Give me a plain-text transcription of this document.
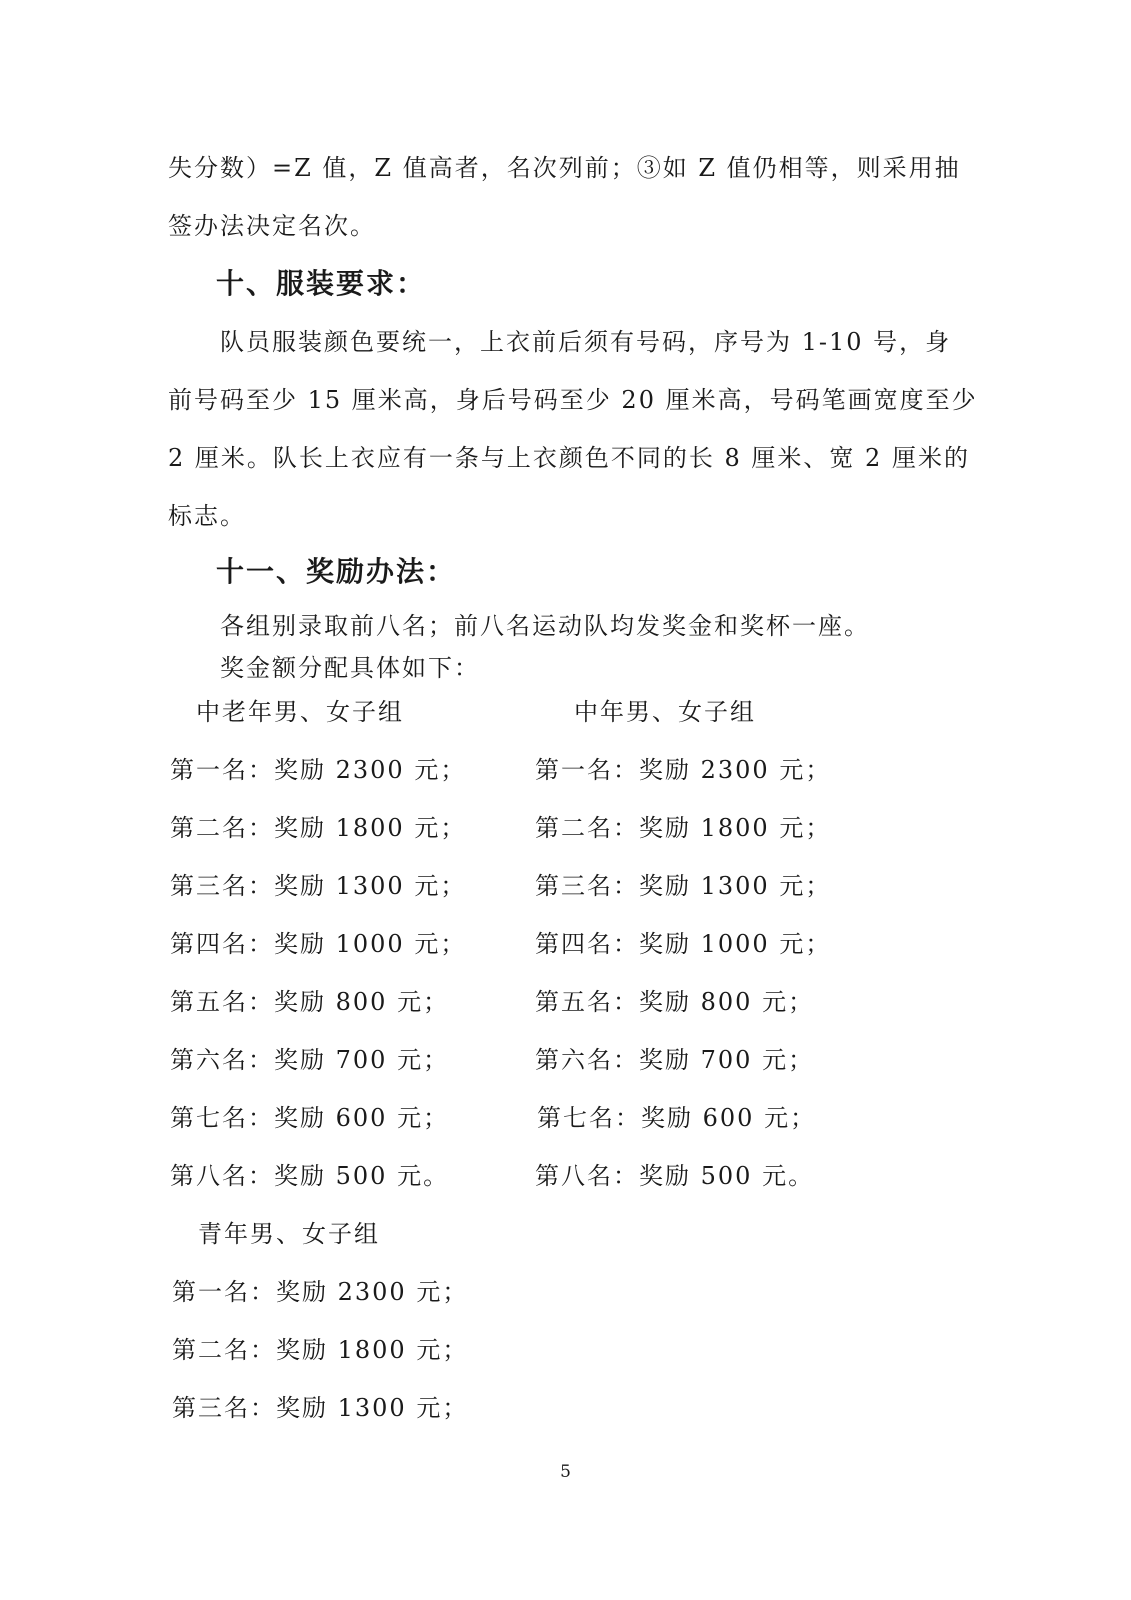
失分数）=Z 值，Z 值高者，名次列前；③如 Z 值仍相等，则采用抽
签办法决定名次。
十、服装要求：
队员服装颜色要统一，上衣前后须有号码，序号为 1-10 号，身
前号码至少 15 厘米高，身后号码至少 20 厘米高，号码笔画宽度至少
2 厘米。队长上衣应有一条与上衣颜色不同的长 8 厘米、宽 2 厘米的
标志。
十一、奖励办法：
各组别录取前八名；前八名运动队均发奖金和奖杯一座。
奖金额分配具体如下：
中老年男、女子组	中年男、女子组
第一名：奖励 2300 元；
第二名：奖励 1800 元；
第三名：奖励 1300 元；
第四名：奖励 1000 元；
第五名：奖励 800 元；
第六名：奖励 700 元；
第七名：奖励 600 元；
第八名：奖励 500 元。
第一名：奖励 2300 元；
第二名：奖励 1800 元；
第三名：奖励 1300 元；
第四名：奖励 1000 元；
第五名：奖励 800 元；
第六名：奖励 700 元；
第七名：奖励 600 元；
第八名：奖励 500 元。
青年男、女子组
第一名：奖励 2300 元；
第二名：奖励 1800 元；
第三名：奖励 1300 元；
5
